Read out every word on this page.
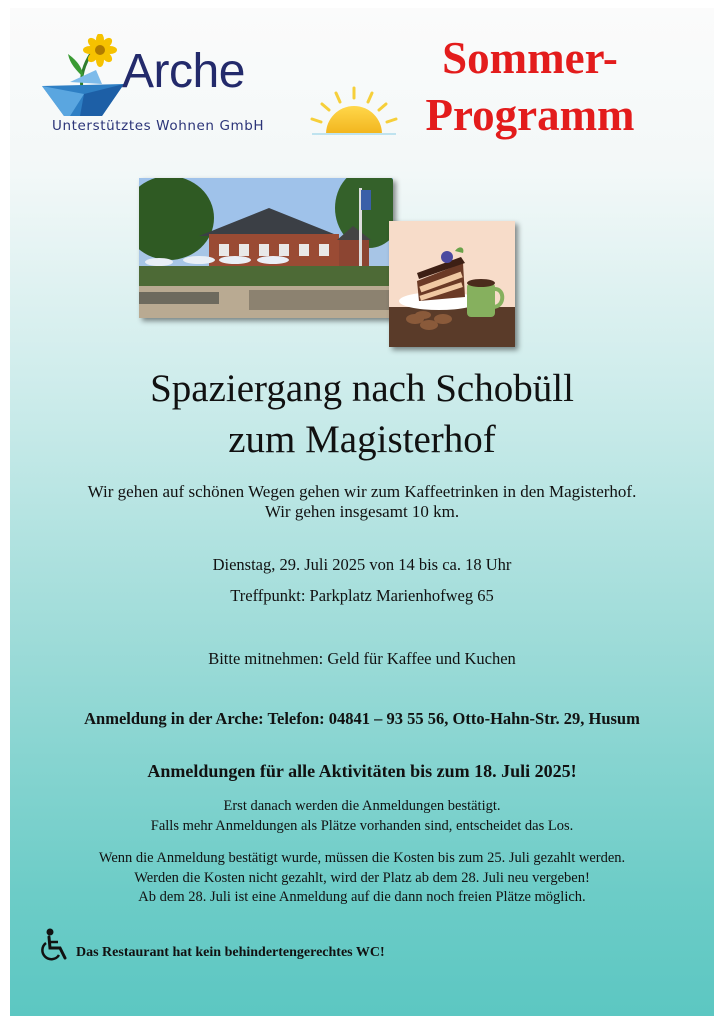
Arche
Unterstütztes Wohnen GmbH
Sommer-
Programm
Spaziergang nach Schobüll
zum Magisterhof
Wir gehen auf schönen Wegen gehen wir zum Kaffeetrinken in den Magisterhof.
Wir gehen insgesamt 10 km.
Dienstag, 29. Juli 2025 von 14 bis ca. 18 Uhr
Treffpunkt: Parkplatz Marienhofweg 65
Bitte mitnehmen: Geld für Kaffee und Kuchen
Anmeldung in der Arche: Telefon: 04841 – 93 55 56, Otto-Hahn-Str. 29, Husum
Anmeldungen für alle Aktivitäten bis zum 18. Juli 2025!
Erst danach werden die Anmeldungen bestätigt.
Falls mehr Anmeldungen als Plätze vorhanden sind, entscheidet das Los.
Wenn die Anmeldung bestätigt wurde, müssen die Kosten bis zum 25. Juli gezahlt werden.
Werden die Kosten nicht gezahlt, wird der Platz ab dem 28. Juli neu vergeben!
Ab dem 28. Juli ist eine Anmeldung auf die dann noch freien Plätze möglich.
Das Restaurant hat kein behindertengerechtes WC!
